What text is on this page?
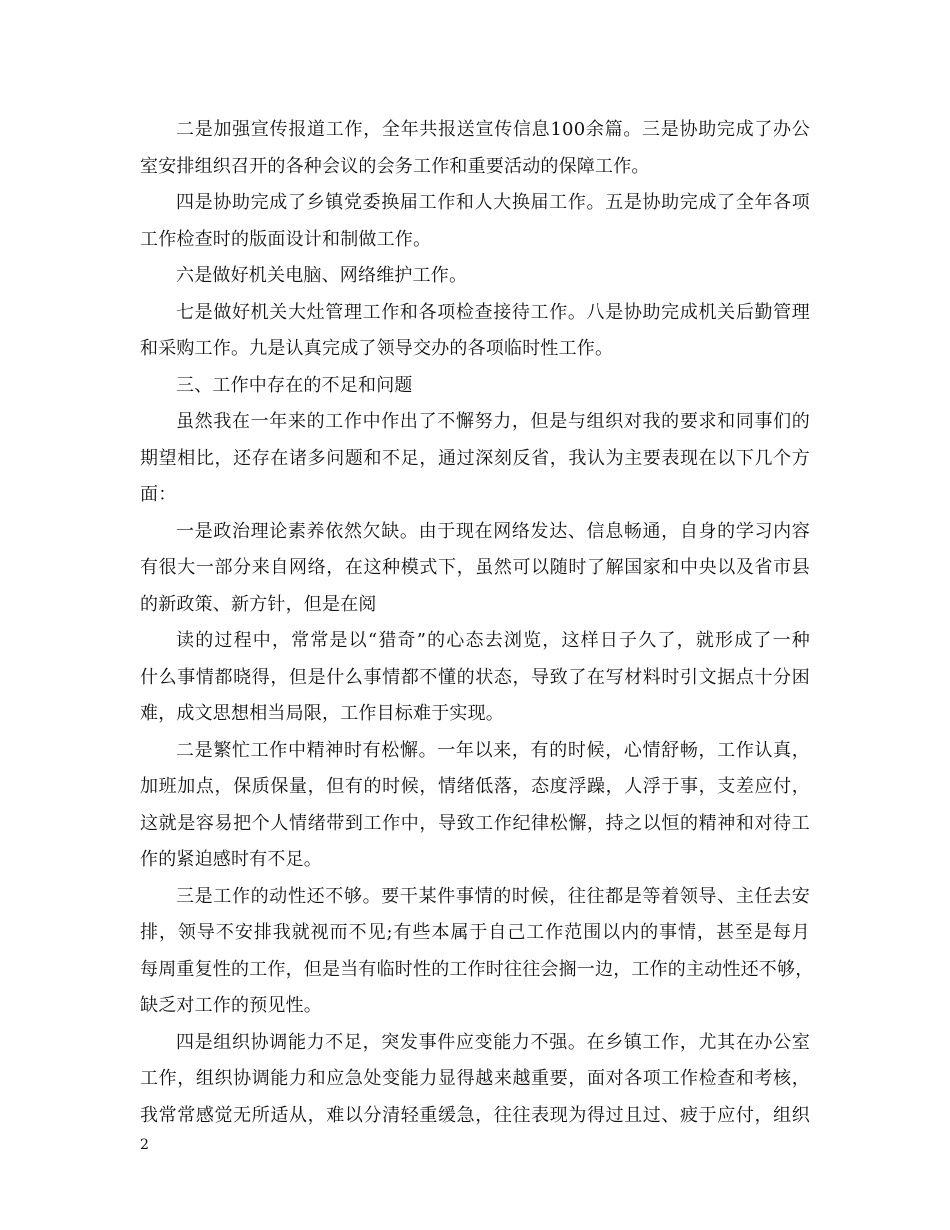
二是加强宣传报道工作，全年共报送宣传信息100余篇。三是协助完成了办公
室安排组织召开的各种会议的会务工作和重要活动的保障工作。
四是协助完成了乡镇党委换届工作和人大换届工作。五是协助完成了全年各项
工作检查时的版面设计和制做工作。
六是做好机关电脑、网络维护工作。
七是做好机关大灶管理工作和各项检查接待工作。八是协助完成机关后勤管理
和采购工作。九是认真完成了领导交办的各项临时性工作。
三、工作中存在的不足和问题
虽然我在一年来的工作中作出了不懈努力，但是与组织对我的要求和同事们的
期望相比，还存在诸多问题和不足，通过深刻反省，我认为主要表现在以下几个方
面：
一是政治理论素养依然欠缺。由于现在网络发达、信息畅通，自身的学习内容
有很大一部分来自网络，在这种模式下，虽然可以随时了解国家和中央以及省市县
的新政策、新方针，但是在阅
读的过程中，常常是以“猎奇”的心态去浏览，这样日子久了，就形成了一种
什么事情都晓得，但是什么事情都不懂的状态，导致了在写材料时引文据点十分困
难，成文思想相当局限，工作目标难于实现。
二是繁忙工作中精神时有松懈。一年以来，有的时候，心情舒畅，工作认真，
加班加点，保质保量，但有的时候，情绪低落，态度浮躁，人浮于事，支差应付，
这就是容易把个人情绪带到工作中，导致工作纪律松懈，持之以恒的精神和对待工
作的紧迫感时有不足。
三是工作的动性还不够。要干某件事情的时候，往往都是等着领导、主任去安
排，领导不安排我就视而不见;有些本属于自己工作范围以内的事情，甚至是每月
每周重复性的工作，但是当有临时性的工作时往往会搁一边，工作的主动性还不够，
缺乏对工作的预见性。
四是组织协调能力不足，突发事件应变能力不强。在乡镇工作，尤其在办公室
工作，组织协调能力和应急处变能力显得越来越重要，面对各项工作检查和考核，
我常常感觉无所适从，难以分清轻重缓急，往往表现为得过且过、疲于应付，组织
2
